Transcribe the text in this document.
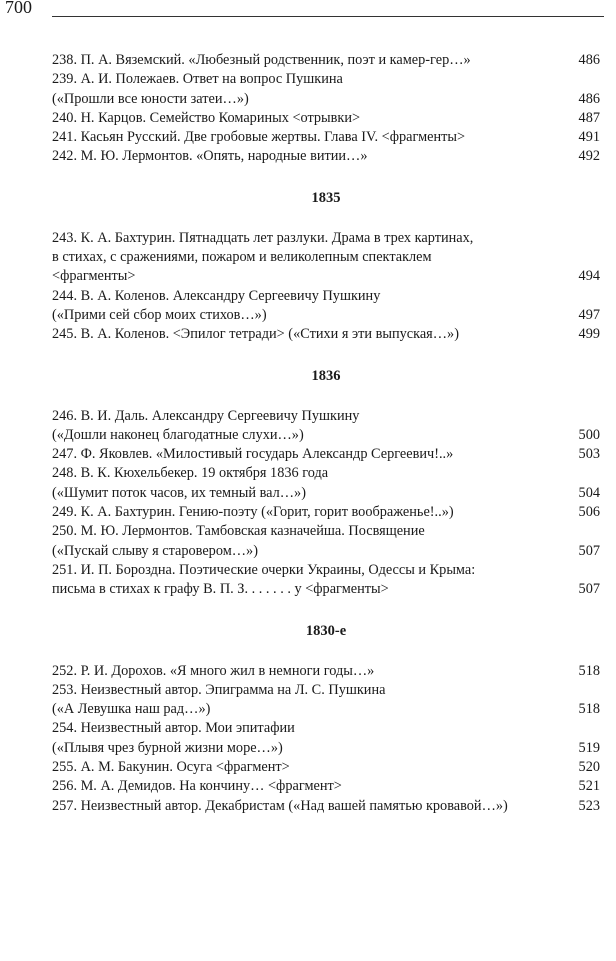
700
238. П. А. Вяземский. «Любезный родственник, поэт и камер-гер…»	486
239. А. И. Полежаев. Ответ на вопрос Пушкина
(«Прошли все юности затеи…»)	486
240. Н. Карцов. Семейство Комариных <отрывки>	487
241. Касьян Русский. Две гробовые жертвы. Глава IV. <фрагменты>	491
242. М. Ю. Лермонтов. «Опять, народные витии…»	492
1835
243. К. А. Бахтурин. Пятнадцать лет разлуки. Драма в трех картинах,
в стихах, с сражениями, пожаром и великолепным спектаклем
<фрагменты>	494
244. В. А. Коленов. Александру Сергеевичу Пушкину
(«Прими сей сбор моих стихов…»)	497
245. В. А. Коленов. <Эпилог тетради> («Стихи я эти выпуская…»)	499
1836
246. В. И. Даль. Александру Сергеевичу Пушкину
(«Дошли наконец благодатные слухи…»)	500
247. Ф. Яковлев. «Милостивый государь Александр Сергеевич!..»	503
248. В. К. Кюхельбекер. 19 октября 1836 года
(«Шумит поток часов, их темный вал…»)	504
249. К. А. Бахтурин. Гению-поэту («Горит, горит воображенье!..»)	506
250. М. Ю. Лермонтов. Тамбовская казначейша. Посвящение
(«Пускай слыву я старовером…»)	507
251. И. П. Бороздна. Поэтические очерки Украины, Одессы и Крыма:
письма в стихах к графу В. П. З. . . . . . . у <фрагменты>	507
1830-е
252. Р. И. Дорохов. «Я много жил в немноги годы…»	518
253. Неизвестный автор. Эпиграмма на Л. С. Пушкина
(«А Левушка наш рад…»)	518
254. Неизвестный автор. Мои эпитафии
(«Плывя чрез бурной жизни море…»)	519
255. А. М. Бакунин. Осуга <фрагмент>	520
256. М. А. Демидов. На кончину… <фрагмент>	521
257. Неизвестный автор. Декабристам («Над вашей памятью кровавой…»)	523
